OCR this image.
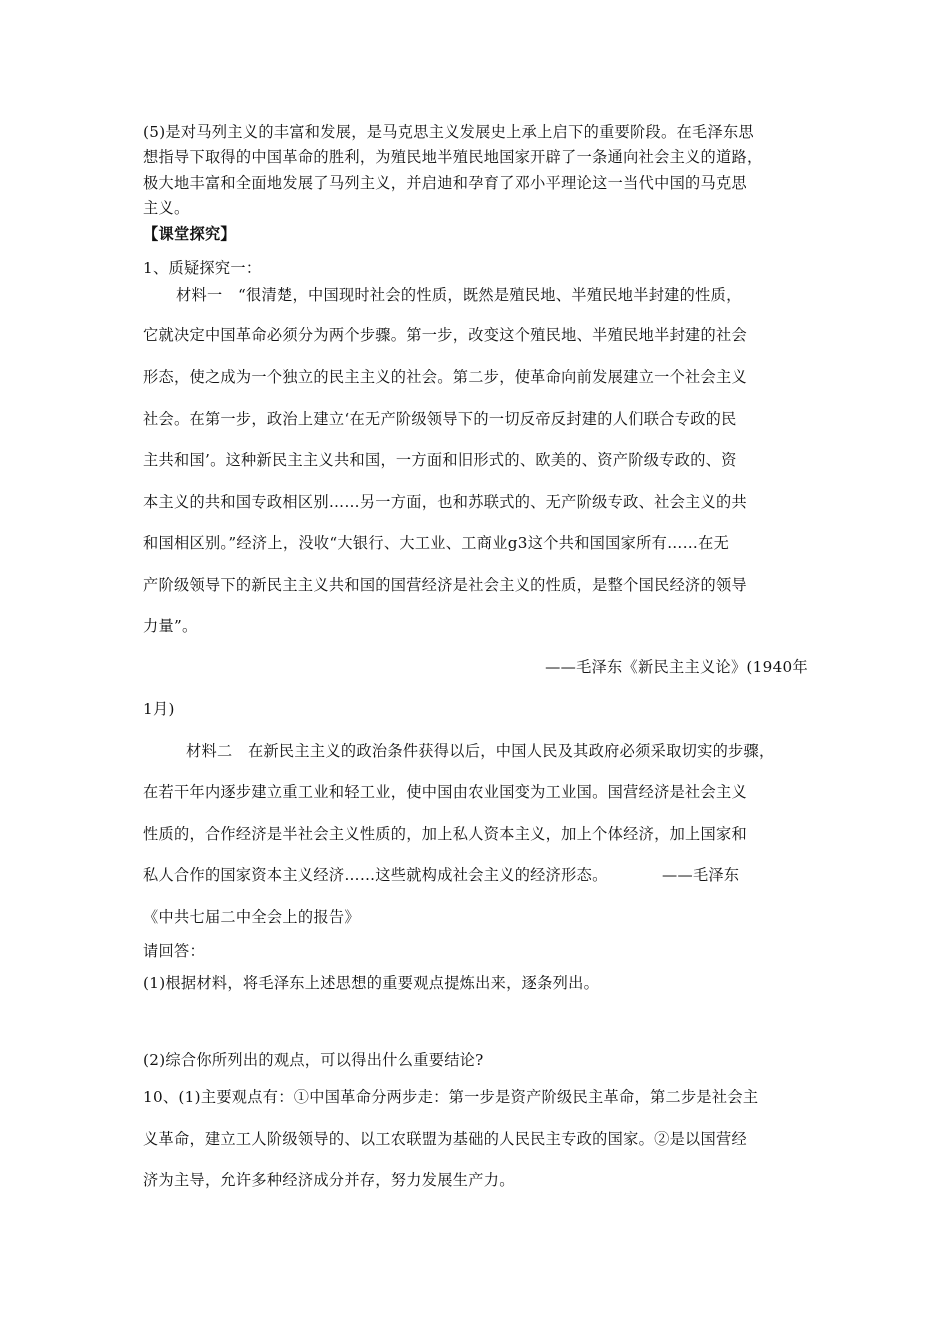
(5)是对马列主义的丰富和发展，是马克思主义发展史上承上启下的重要阶段。在毛泽东思
想指导下取得的中国革命的胜利，为殖民地半殖民地国家开辟了一条通向社会主义的道路，
极大地丰富和全面地发展了马列主义，并启迪和孕育了邓小平理论这一当代中国的马克思
主义。
【课堂探究】
1、质疑探究一：
材料一　“很清楚，中国现时社会的性质，既然是殖民地、半殖民地半封建的性质，
它就决定中国革命必须分为两个步骤。第一步，改变这个殖民地、半殖民地半封建的社会
形态，使之成为一个独立的民主主义的社会。第二步，使革命向前发展建立一个社会主义
社会。在第一步，政治上建立‘在无产阶级领导下的一切反帝反封建的人们联合专政的民
主共和国’。这种新民主主义共和国，一方面和旧形式的、欧美的、资产阶级专政的、资
本主义的共和国专政相区别……另一方面，也和苏联式的、无产阶级专政、社会主义的共
和国相区别。”经济上，没收“大银行、大工业、工商业g3这个共和国国家所有……在无
产阶级领导下的新民主主义共和国的国营经济是社会主义的性质，是整个国民经济的领导
力量”。
——毛泽东《新民主主义论》(1940年
1月)
材料二　在新民主主义的政治条件获得以后，中国人民及其政府必须采取切实的步骤，
在若干年内逐步建立重工业和轻工业，使中国由农业国变为工业国。国营经济是社会主义
性质的，合作经济是半社会主义性质的，加上私人资本主义，加上个体经济，加上国家和
私人合作的国家资本主义经济……这些就构成社会主义的经济形态。　　　　——毛泽东
《中共七届二中全会上的报告》
请回答：
(1)根据材料，将毛泽东上述思想的重要观点提炼出来，逐条列出。
(2)综合你所列出的观点，可以得出什么重要结论?
10、(1)主要观点有：①中国革命分两步走：第一步是资产阶级民主革命，第二步是社会主
义革命，建立工人阶级领导的、以工农联盟为基础的人民民主专政的国家。②是以国营经
济为主导，允许多种经济成分并存，努力发展生产力。
